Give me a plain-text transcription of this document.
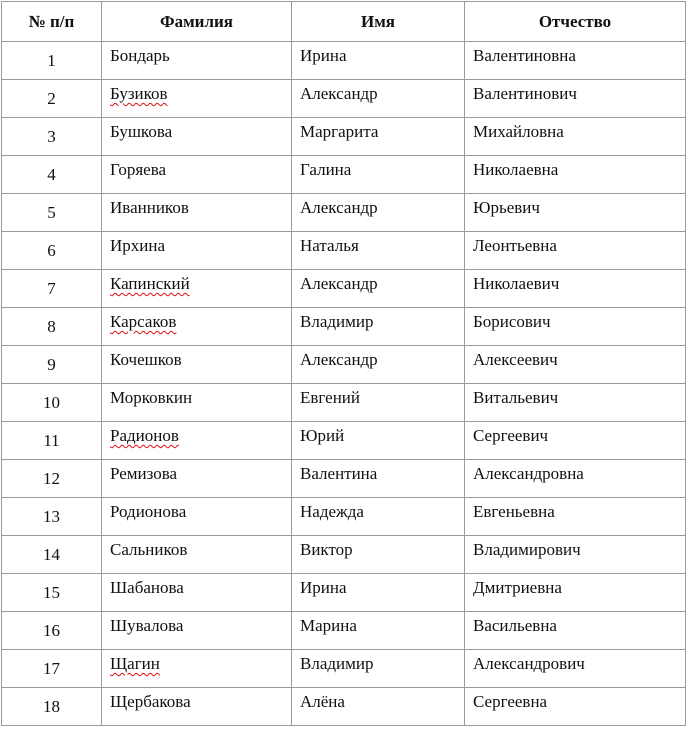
№ п/п	Фамилия	Имя	Отчество
1	Бондарь	Ирина	Валентиновна
2	Бузиков	Александр	Валентинович
3	Бушкова	Маргарита	Михайловна
4	Горяева	Галина	Николаевна
5	Иванников	Александр	Юрьевич
6	Ирхина	Наталья	Леонтьевна
7	Капинский	Александр	Николаевич
8	Карсаков	Владимир	Борисович
9	Кочешков	Александр	Алексеевич
10	Морковкин	Евгений	Витальевич
11	Радионов	Юрий	Сергеевич
12	Ремизова	Валентина	Александровна
13	Родионова	Надежда	Евгеньевна
14	Сальников	Виктор	Владимирович
15	Шабанова	Ирина	Дмитриевна
16	Шувалова	Марина	Васильевна
17	Щагин	Владимир	Александрович
18	Щербакова	Алёна	Сергеевна
